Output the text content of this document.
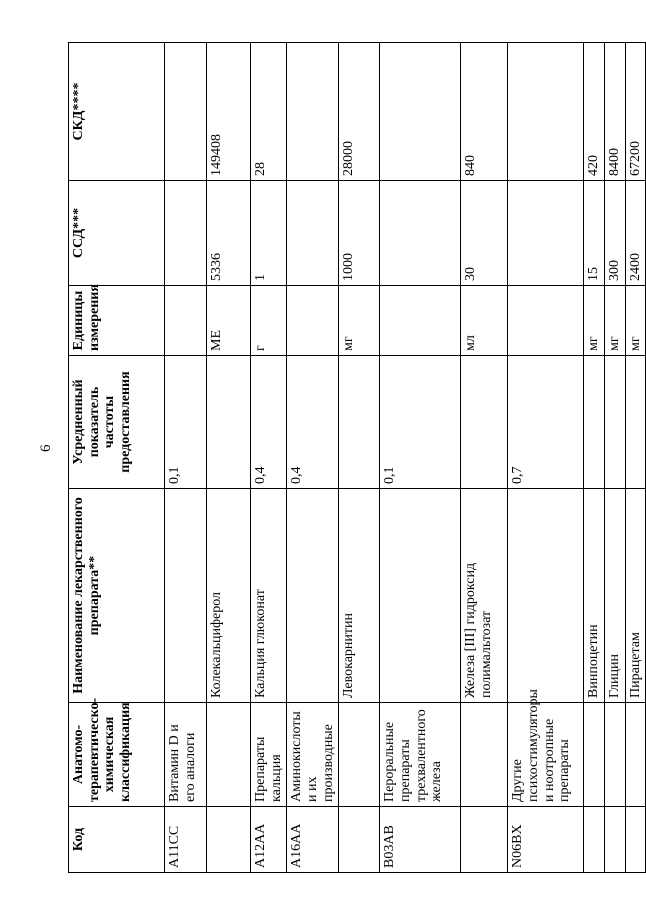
6
Код	Анатомо-терапевтическо-химическая классификация	Наименование лекарственного препарата**	Усредненный показатель частоты предоставления	Единицы измерения	ССД***	СКД****
A11CC	Витамин D и его аналоги		0,1			
		Колекальциферол		МЕ	5336	149408
A12AA	Препараты кальция	Кальция глюконат	0,4	г	1	28
A16AA	Аминокислоты и их производные		0,4			
		Левокарнитин		мг	1000	28000
B03AB	Пероральные препараты трехвалентного железа		0,1			
		Железа [III] гидроксид полимальтозат		мл	30	840
N06BX	Другие психостимуляторы и ноотропные препараты		0,7			
		Винпоцетин		мг	15	420
		Глицин		мг	300	8400
		Пирацетам		мг	2400	67200
